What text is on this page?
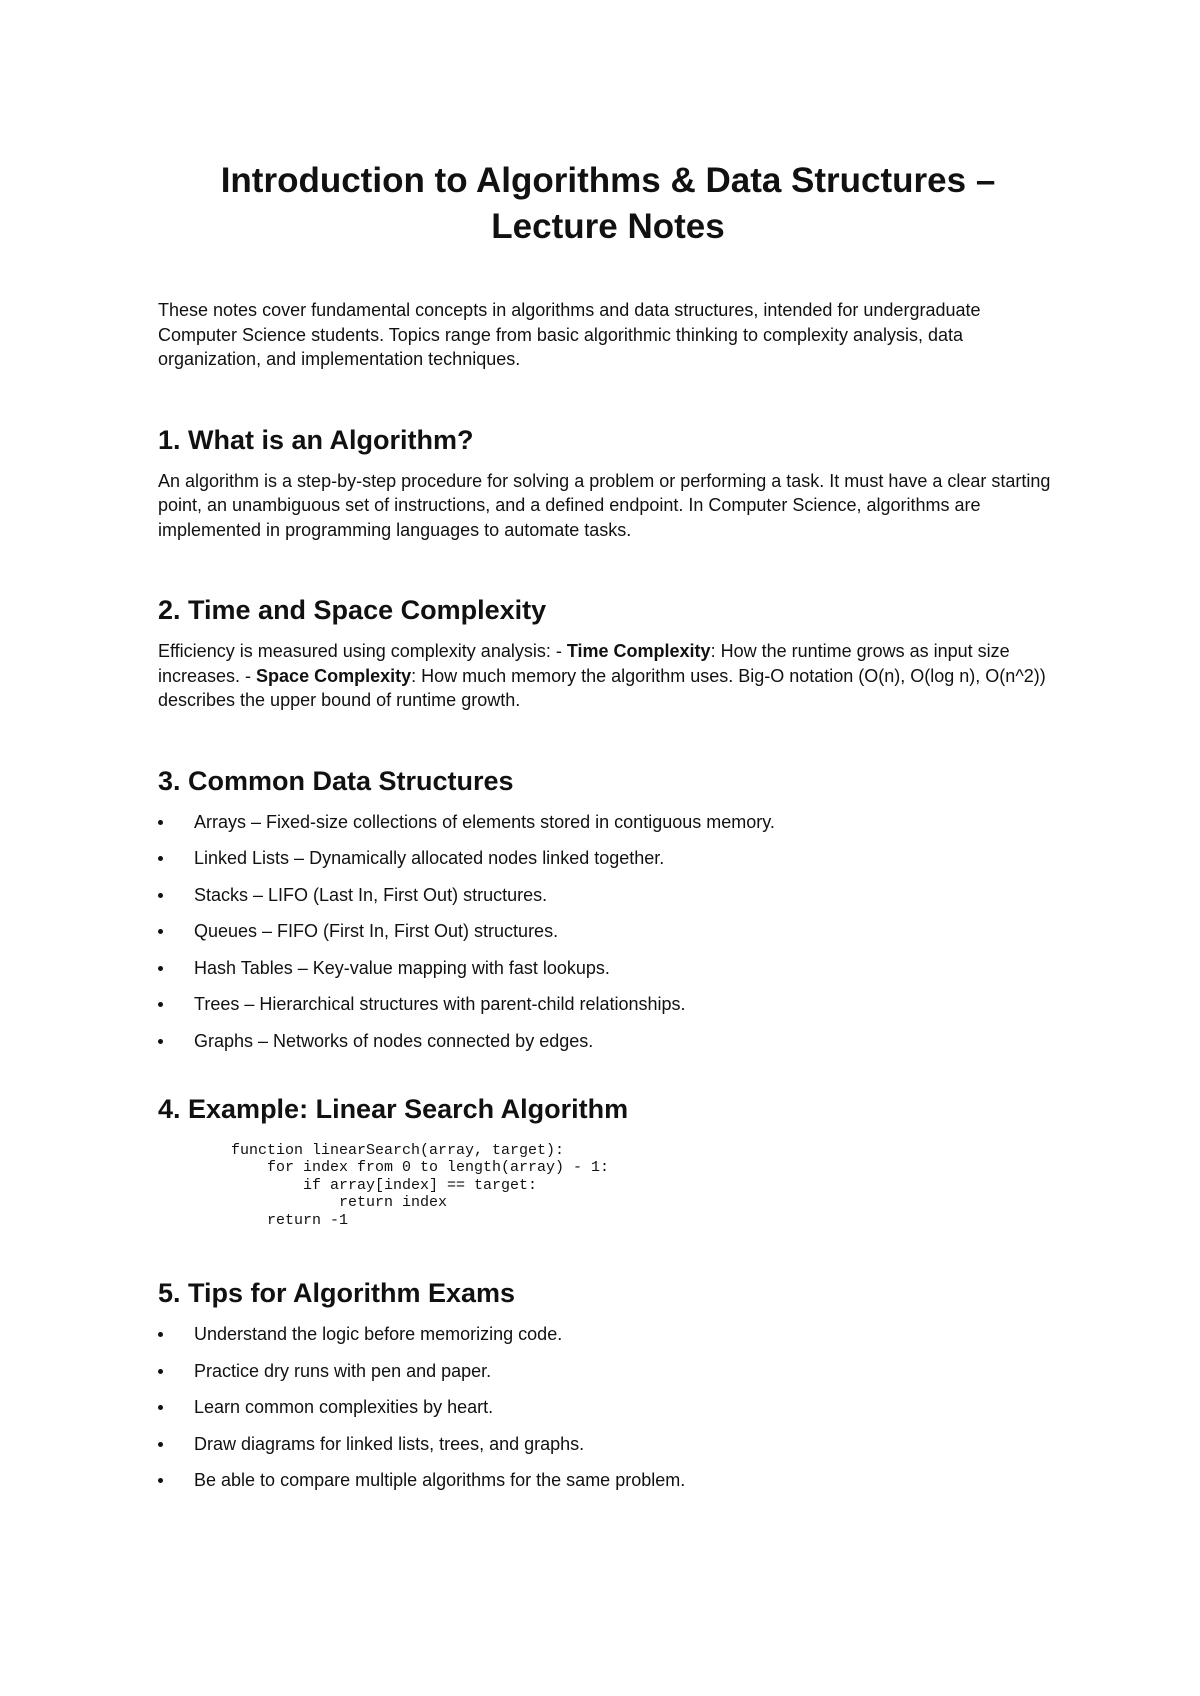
Introduction to Algorithms & Data Structures –
Lecture Notes

These notes cover fundamental concepts in algorithms and data structures, intended for undergraduate Computer Science students. Topics range from basic algorithmic thinking to complexity analysis, data organization, and implementation techniques.

1. What is an Algorithm?

An algorithm is a step-by-step procedure for solving a problem or performing a task. It must have a clear starting point, an unambiguous set of instructions, and a defined endpoint. In Computer Science, algorithms are implemented in programming languages to automate tasks.

2. Time and Space Complexity

Efficiency is measured using complexity analysis: - Time Complexity: How the runtime grows as input size increases. - Space Complexity: How much memory the algorithm uses. Big-O notation (O(n), O(log n), O(n^2)) describes the upper bound of runtime growth.

3. Common Data Structures
Arrays – Fixed-size collections of elements stored in contiguous memory.
Linked Lists – Dynamically allocated nodes linked together.
Stacks – LIFO (Last In, First Out) structures.
Queues – FIFO (First In, First Out) structures.
Hash Tables – Key-value mapping with fast lookups.
Trees – Hierarchical structures with parent-child relationships.
Graphs – Networks of nodes connected by edges.
4. Example: Linear Search Algorithm
function linearSearch(array, target):
for index from 0 to length(array) - 1:
if array[index] == target:
return index
return -1
5. Tips for Algorithm Exams
Understand the logic before memorizing code.
Practice dry runs with pen and paper.
Learn common complexities by heart.
Draw diagrams for linked lists, trees, and graphs.
Be able to compare multiple algorithms for the same problem.
